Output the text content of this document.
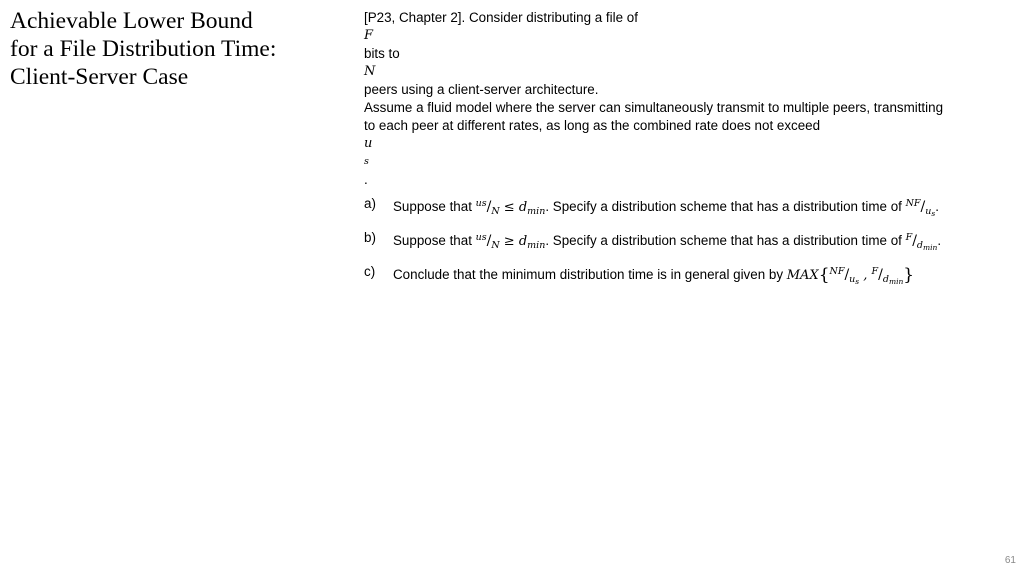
Achievable Lower Bound
for a File Distribution Time:
Client-Server Case

[P23, Chapter 2]. Consider distributing a file of
F
bits to
N
peers using a client-server architecture.
Assume a fluid model where the server can simultaneously transmit to multiple peers, transmitting
to each peer at different rates, as long as the combined rate does not exceed
u
s
.

a) Suppose that $^{us}/_N \le d_{min}$. Specify a distribution scheme that has a distribution time of $^{NF}/_{us}$.
b) Suppose that $^{us}/_N \ge d_{min}$. Specify a distribution scheme that has a distribution time of $^F/_{dmin}$.
c) Conclude that the minimum distribution time is in general given by $MAX\{^{NF}/_{us}$ , $^F/_{dmin}$}
61
